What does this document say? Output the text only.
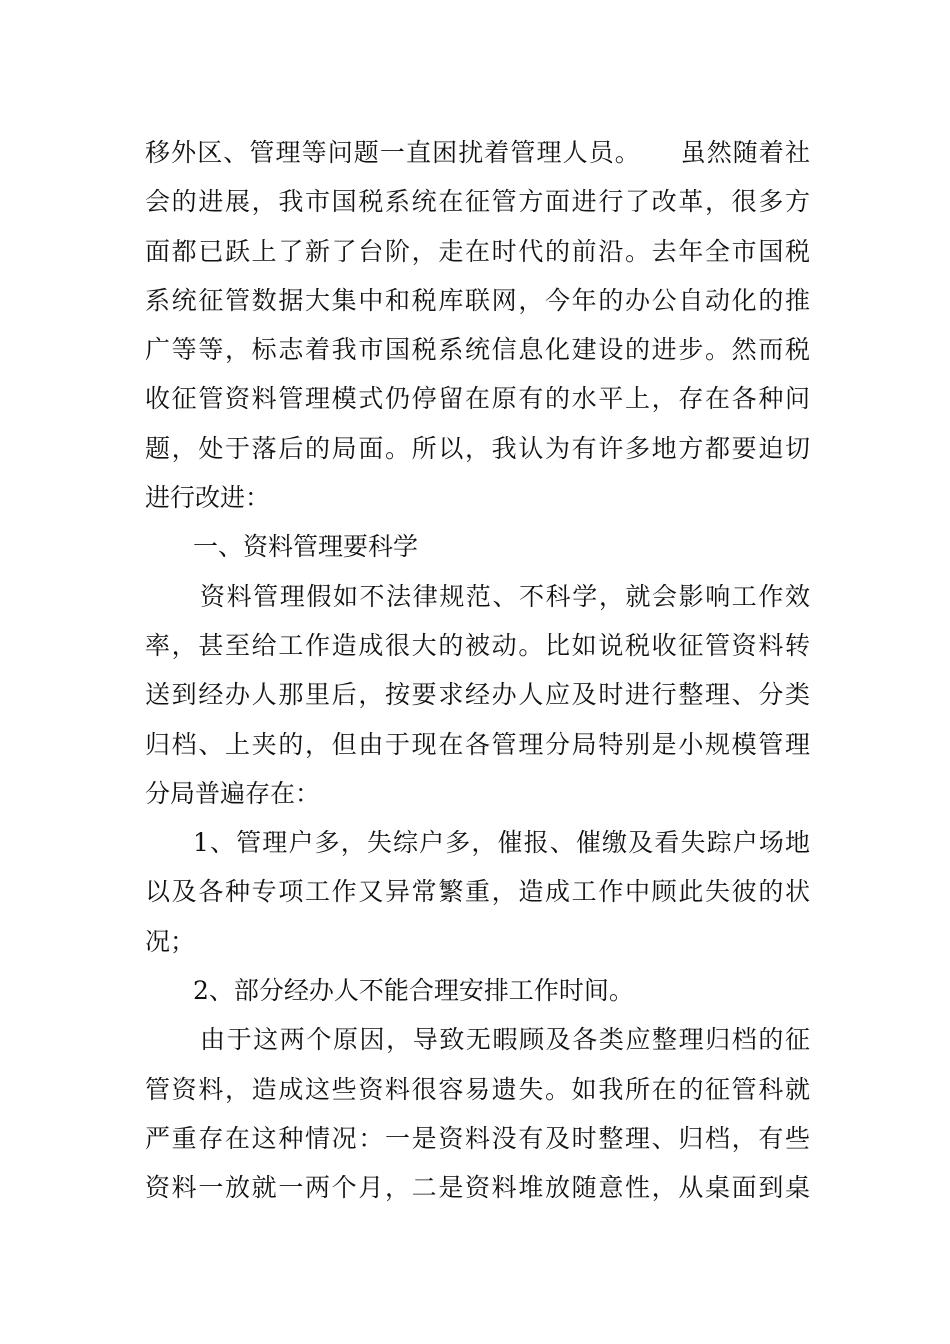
移外区、管理等问题一直困扰着管理人员。　　虽然随着社
会的进展，我市国税系统在征管方面进行了改革，很多方
面都已跃上了新了台阶，走在时代的前沿。去年全市国税
系统征管数据大集中和税库联网，今年的办公自动化的推
广等等，标志着我市国税系统信息化建设的进步。然而税
收征管资料管理模式仍停留在原有的水平上，存在各种问
题，处于落后的局面。所以，我认为有许多地方都要迫切
进行改进：
一、资料管理要科学
资料管理假如不法律规范、不科学，就会影响工作效
率，甚至给工作造成很大的被动。比如说税收征管资料转
送到经办人那里后，按要求经办人应及时进行整理、分类
归档、上夹的，但由于现在各管理分局特别是小规模管理
分局普遍存在：
1、管理户多，失综户多，催报、催缴及看失踪户场地
以及各种专项工作又异常繁重，造成工作中顾此失彼的状
况；
2、部分经办人不能合理安排工作时间。
由于这两个原因，导致无暇顾及各类应整理归档的征
管资料，造成这些资料很容易遗失。如我所在的征管科就
严重存在这种情况：一是资料没有及时整理、归档，有些
资料一放就一两个月，二是资料堆放随意性，从桌面到桌
